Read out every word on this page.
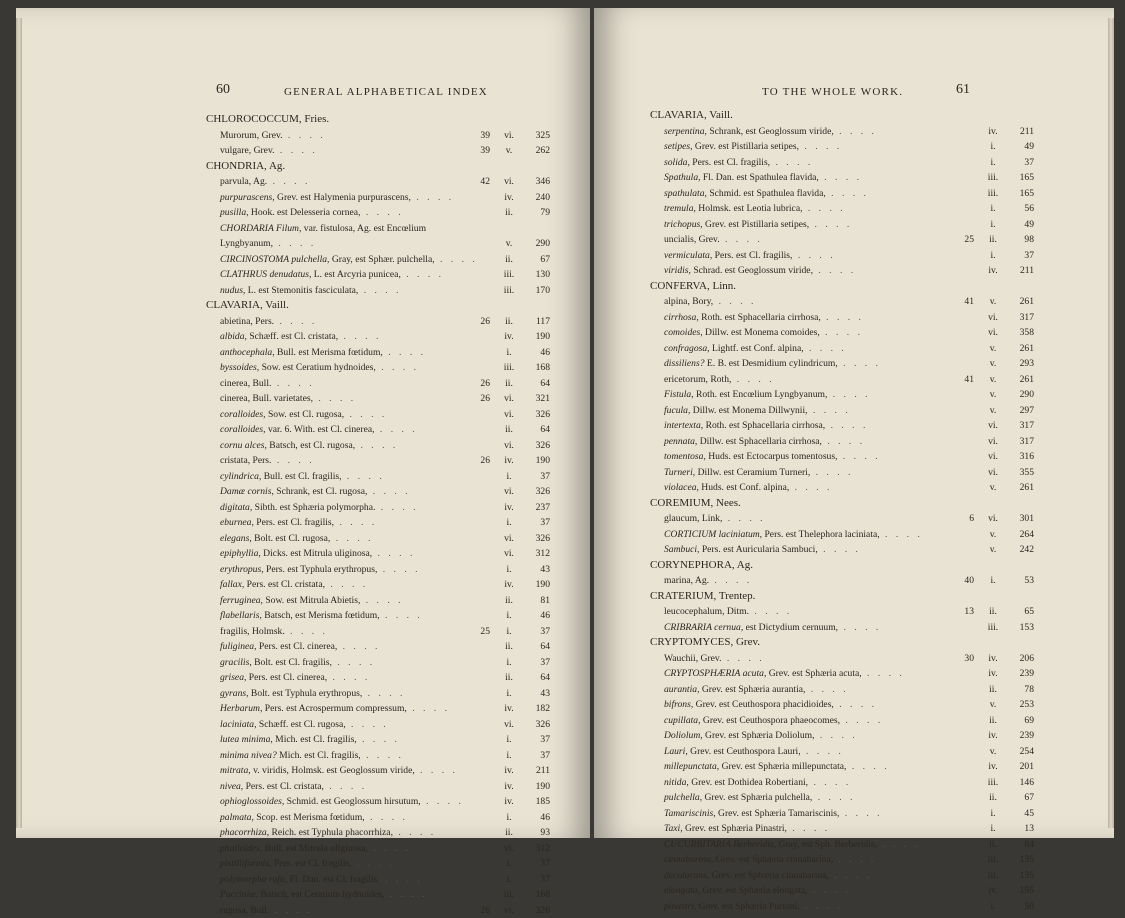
60	GENERAL ALPHABETICAL INDEX
CHLOROCOCCUM, Fries.
Murorum, Grev. . . . .	39	vi.	325
vulgare, Grev. . . . .	39	v.	262
CHONDRIA, Ag.
parvula, Ag. . . . .	42	vi.	346
purpurascens, Grev. est Halymenia purpurascens, . . . .	iv.	240
pusilla, Hook. est Delesseria cornea, . . . .	ii.	79
CHORDARIA Filum, var. fistulosa, Ag. est Encœlium
Lyngbyanum, . . . .	v.	290
CIRCINOSTOMA pulchella, Gray, est Sphær. pulchella, . . . .	ii.	67
CLATHRUS denudatus, L. est Arcyria punicea, . . . .	iii.	130
nudus, L. est Stemonitis fasciculata, . . . .	iii.	170
CLAVARIA, Vaill.
abietina, Pers. . . . .	26	ii.	117
albida, Schæff. est Cl. cristata, . . . .	iv.	190
anthocephala, Bull. est Merisma fœtidum, . . . .	i.	46
byssoides, Sow. est Ceratium hydnoides, . . . .	iii.	168
cinerea, Bull. . . . .	26	ii.	64
cinerea, Bull. varietates, . . . .	26	vi.	321
coralloides, Sow. est Cl. rugosa, . . . .	vi.	326
coralloides, var. 6. With. est Cl. cinerea, . . . .	ii.	64
cornu alces, Batsch, est Cl. rugosa, . . . .	vi.	326
cristata, Pers. . . . .	26	iv.	190
cylindrica, Bull. est Cl. fragilis, . . . .	i.	37
Damæ cornis, Schrank, est Cl. rugosa, . . . .	vi.	326
digitata, Sibth. est Sphæria polymorpha. . . . .	iv.	237
eburnea, Pers. est Cl. fragilis, . . . .	i.	37
elegans, Bolt. est Cl. rugosa, . . . .	vi.	326
epiphyllia, Dicks. est Mitrula uliginosa, . . . .	vi.	312
erythropus, Pers. est Typhula erythropus, . . . .	i.	43
fallax, Pers. est Cl. cristata, . . . .	iv.	190
ferruginea, Sow. est Mitrula Abietis, . . . .	ii.	81
flabellaris, Batsch, est Merisma fœtidum, . . . .	i.	46
fragilis, Holmsk. . . . .	25	i.	37
fuliginea, Pers. est Cl. cinerea, . . . .	ii.	64
gracilis, Bolt. est Cl. fragilis, . . . .	i.	37
grisea, Pers. est Cl. cinerea, . . . .	ii.	64
gyrans, Bolt. est Typhula erythropus, . . . .	i.	43
Herbarum, Pers. est Acrospermum compressum, . . . .	iv.	182
laciniata, Schæff. est Cl. rugosa, . . . .	vi.	326
lutea minima, Mich. est Cl. fragilis, . . . .	i.	37
minima nivea? Mich. est Cl. fragilis, . . . .	i.	37
mitrata, v. viridis, Holmsk. est Geoglossum viride, . . . .	iv.	211
nivea, Pers. est Cl. cristata, . . . .	iv.	190
ophioglossoides, Schmid. est Geoglossum hirsutum, . . . .	iv.	185
palmata, Scop. est Merisma fœtidum, . . . .	i.	46
phacorrhiza, Reich. est Typhula phacorrhiza, . . . .	ii.	93
phalloides, Bull. est Mitrula uliginosa, . . . .	vi.	312
pistilliformis, Pers. est Cl. fragilis, . . . .	i.	37
polymorpha rufa, Fl. Dan. est Cl. fragilis, . . . .	i.	37
Pucciniæ, Batsch, est Ceratium hydnoides, . . . .	iii.	168
rugosa, Bull. . . . .	26	vi.	326
TO THE WHOLE WORK.	61
CLAVARIA, Vaill.
serpentina, Schrank, est Geoglossum viride, . . . .	iv.	211
setipes, Grev. est Pistillaria setipes, . . . .	i.	49
solida, Pers. est Cl. fragilis, . . . .	i.	37
Spathula, Fl. Dan. est Spathulea flavida, . . . .	iii.	165
spathulata, Schmid. est Spathulea flavida, . . . .	iii.	165
tremula, Holmsk. est Leotia lubrica, . . . .	i.	56
trichopus, Grev. est Pistillaria setipes, . . . .	i.	49
uncialis, Grev. . . . .	25	ii.	98
vermiculata, Pers. est Cl. fragilis, . . . .	i.	37
viridis, Schrad. est Geoglossum viride, . . . .	iv.	211
CONFERVA, Linn.
alpina, Bory, . . . .	41	v.	261
cirrhosa, Roth. est Sphacellaria cirrhosa, . . . .	vi.	317
comoides, Dillw. est Monema comoides, . . . .	vi.	358
confragosa, Lightf. est Conf. alpina, . . . .	v.	261
dissiliens? E. B. est Desmidium cylindricum, . . . .	v.	293
ericetorum, Roth, . . . .	41	v.	261
Fistula, Roth. est Encœlium Lyngbyanum, . . . .	v.	290
fucula, Dillw. est Monema Dillwynii, . . . .	v.	297
intertexta, Roth. est Sphacellaria cirrhosa, . . . .	vi.	317
pennata, Dillw. est Sphacellaria cirrhosa, . . . .	vi.	317
tomentosa, Huds. est Ectocarpus tomentosus, . . . .	vi.	316
Turneri, Dillw. est Ceramium Turneri, . . . .	vi.	355
violacea, Huds. est Conf. alpina, . . . .	v.	261
COREMIUM, Nees.
glaucum, Link, . . . .	6	vi.	301
CORTICIUM laciniatum, Pers. est Thelephora laciniata, . . . .	v.	264
Sambuci, Pers. est Auricularia Sambuci, . . . .	v.	242
CORYNEPHORA, Ag.
marina, Ag. . . . .	40	i.	53
CRATERIUM, Trentep.
leucocephalum, Ditm. . . . .	13	ii.	65
CRIBRARIA cernua, est Dictydium cernuum, . . . .	iii.	153
CRYPTOMYCES, Grev.
Wauchii, Grev. . . . .	30	iv.	206
CRYPTOSPHÆRIA acuta, Grev. est Sphæria acuta, . . . .	iv.	239
aurantia, Grev. est Sphæria aurantia, . . . .	ii.	78
bifrons, Grev. est Ceuthospora phacidioides, . . . .	v.	253
cupillata, Grev. est Ceuthospora phaeocomes, . . . .	ii.	69
Doliolum, Grev. est Sphæria Doliolum, . . . .	iv.	239
Lauri, Grev. est Ceuthospora Lauri, . . . .	v.	254
millepunctata, Grev. est Sphæria millepunctata, . . . .	iv.	201
nitida, Grev. est Dothidea Robertiani, . . . .	iii.	146
pulchella, Grev. est Sphæria pulchella, . . . .	ii.	67
Tamariscinis, Grev. est Sphæria Tamariscinis, . . . .	i.	45
Taxi, Grev. est Sphæria Pinastri, . . . .	i.	13
CUCURBITARIA Berberidis, Gray, est Sph. Berberidis, . . . .	ii.	84
cinnabarina, Grev. est Sphæria cinnabarina, . . . .	iii.	135
decolorans, Grev. est Sphæria cinnabarina, . . . .	iii.	135
elongata, Grev. est Sphæria elongata, . . . .	iv.	195
pinastri, Grev. est Sphæria Purtoni, . . . .	i.	50
